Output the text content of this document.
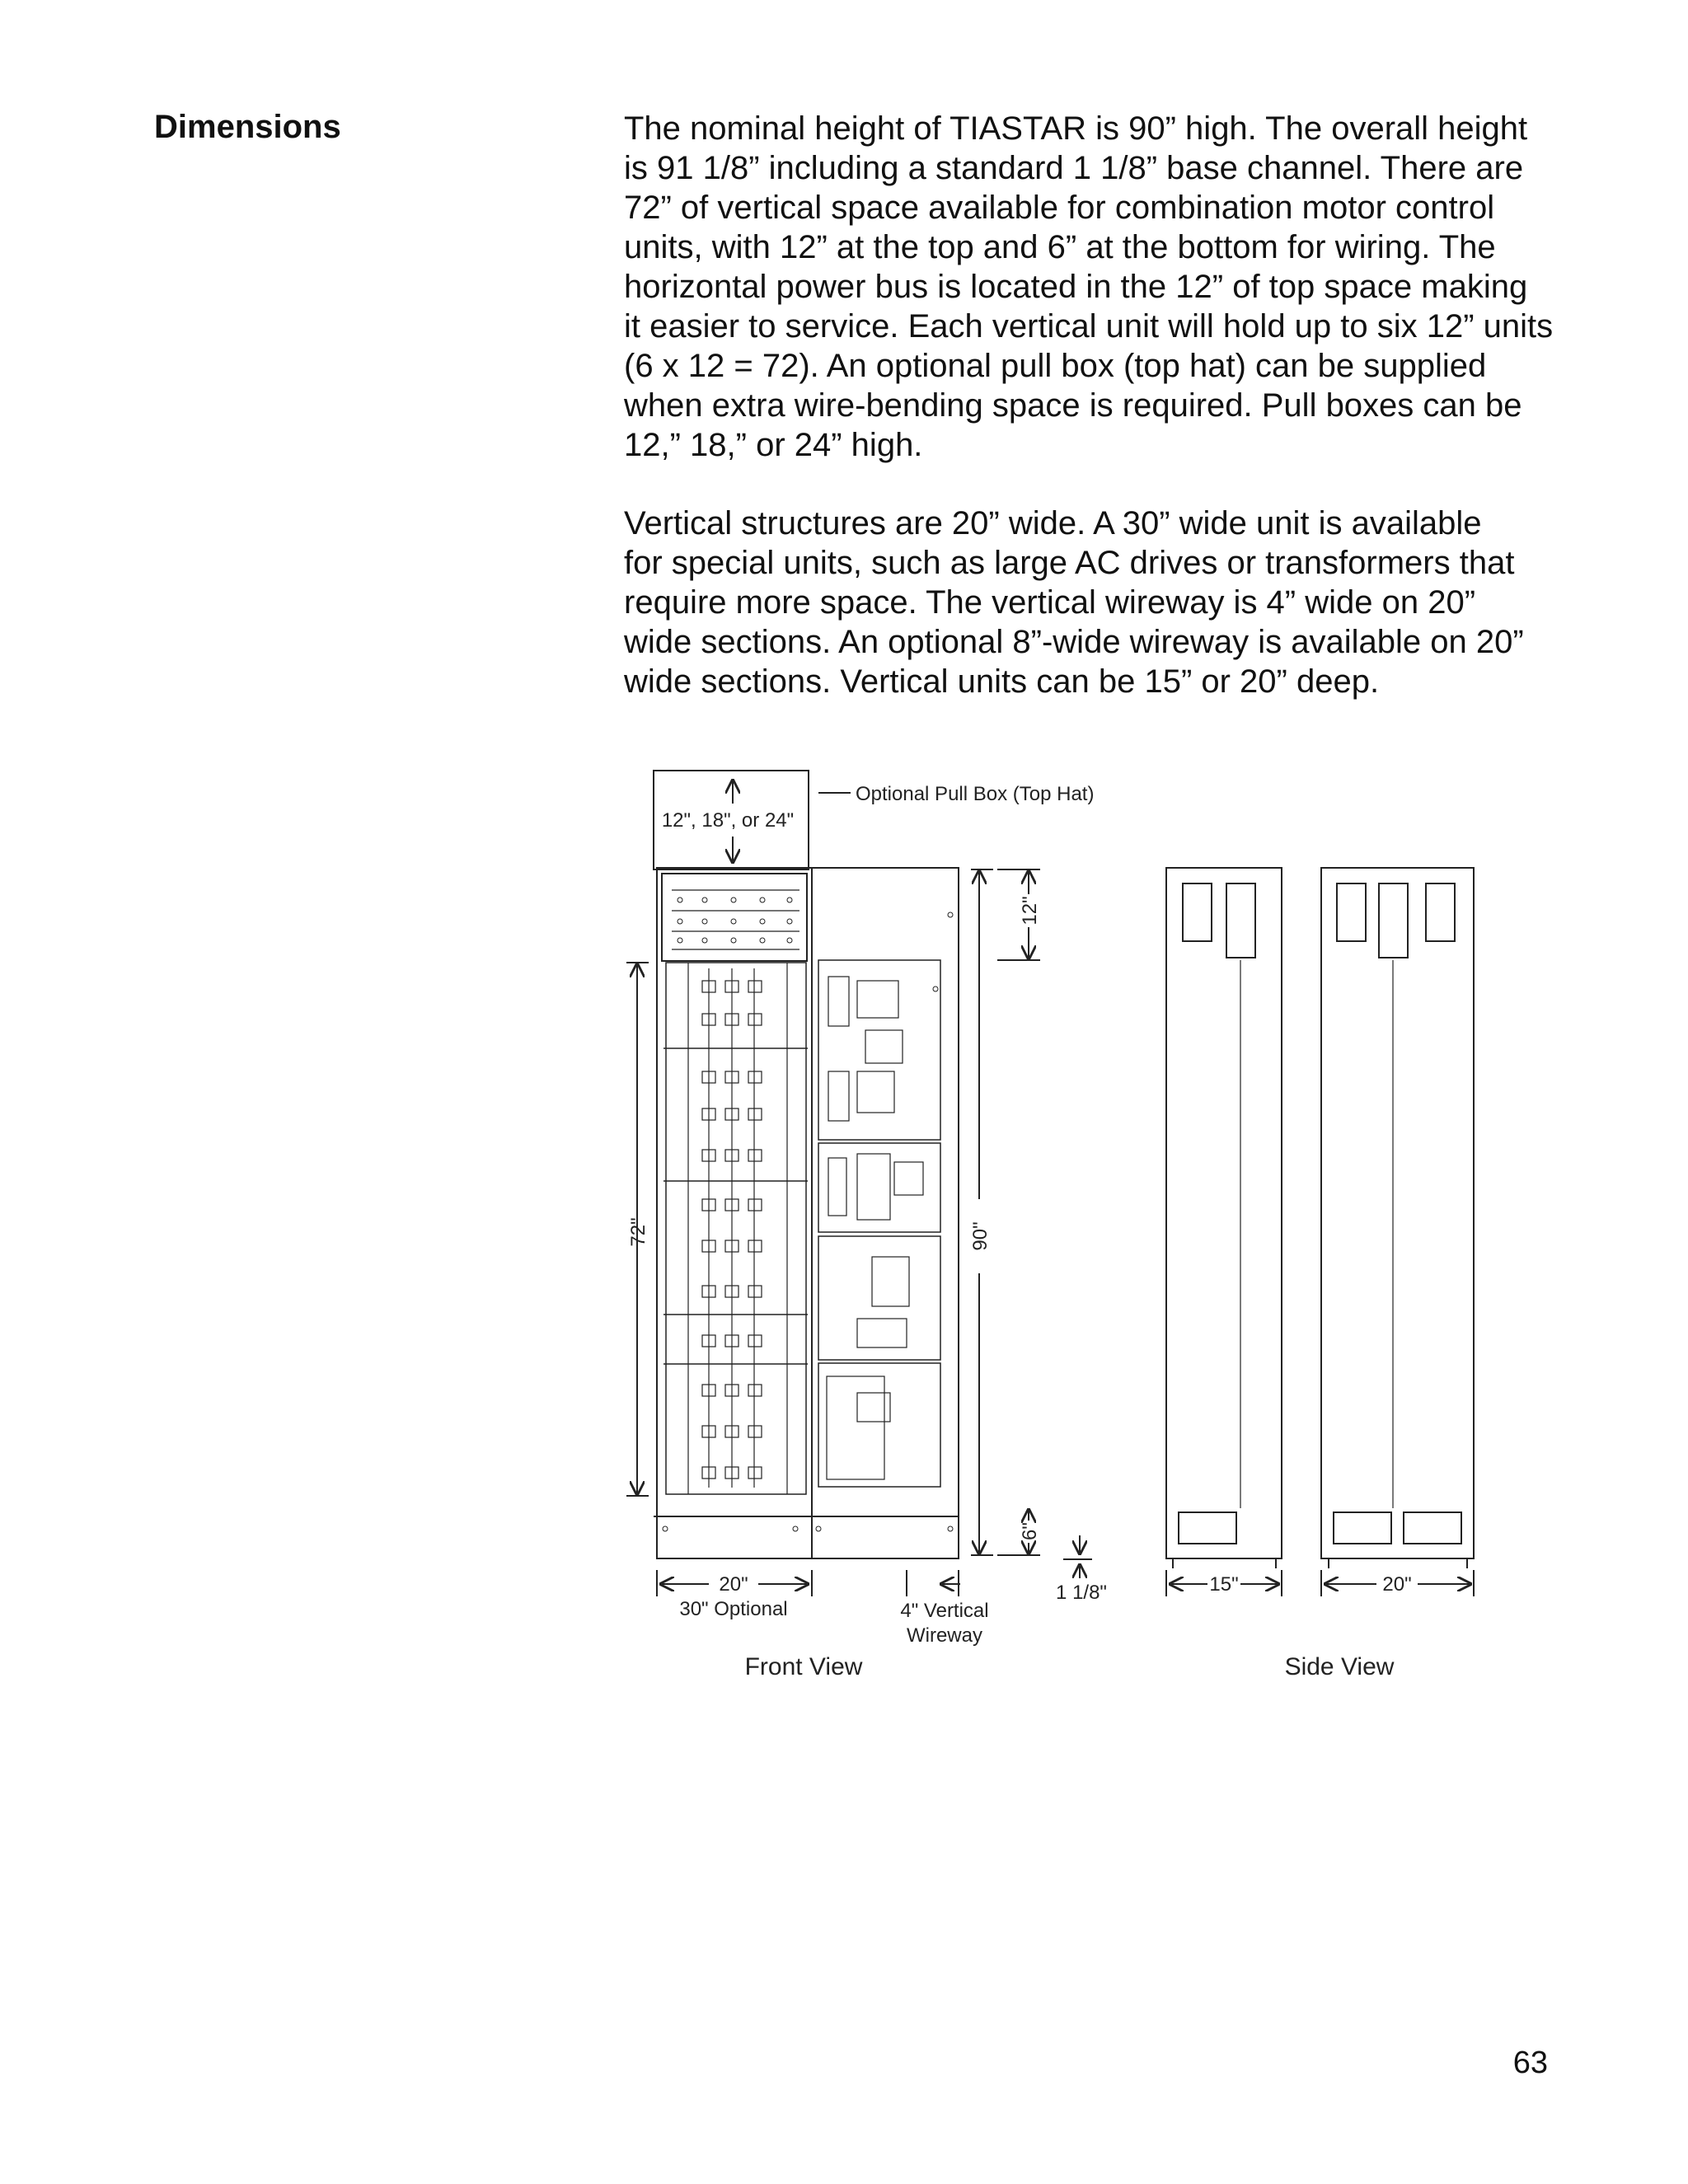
Dimensions	The nominal height of TIASTAR is 90” high. The overall height
is 91 1/8” including a standard 1 1/8” base channel. There are
72” of vertical space available for combination motor control
units, with 12” at the top and 6” at the bottom for wiring. The
horizontal power bus is located in the 12” of top space making
it easier to service. Each vertical unit will hold up to six 12” units
(6 x 12 = 72). An optional pull box (top hat) can be supplied
when extra wire-bending space is required. Pull boxes can be
12,” 18,” or 24” high.
Vertical structures are 20” wide. A 30” wide unit is available
for special units, such as large AC drives or transformers that
require more space. The vertical wireway is 4” wide on 20”
wide sections. An optional 8”-wide wireway is available on 20”
wide sections. Vertical units can be 15” or 20” deep.
12", 18", or 24"
Optional Pull Box (Top Hat)
72"	90"
12"
6"
1 1/8"
20"
30" Optional	4" Vertical
Wireway
15"	20"
Front View	Side View
63
